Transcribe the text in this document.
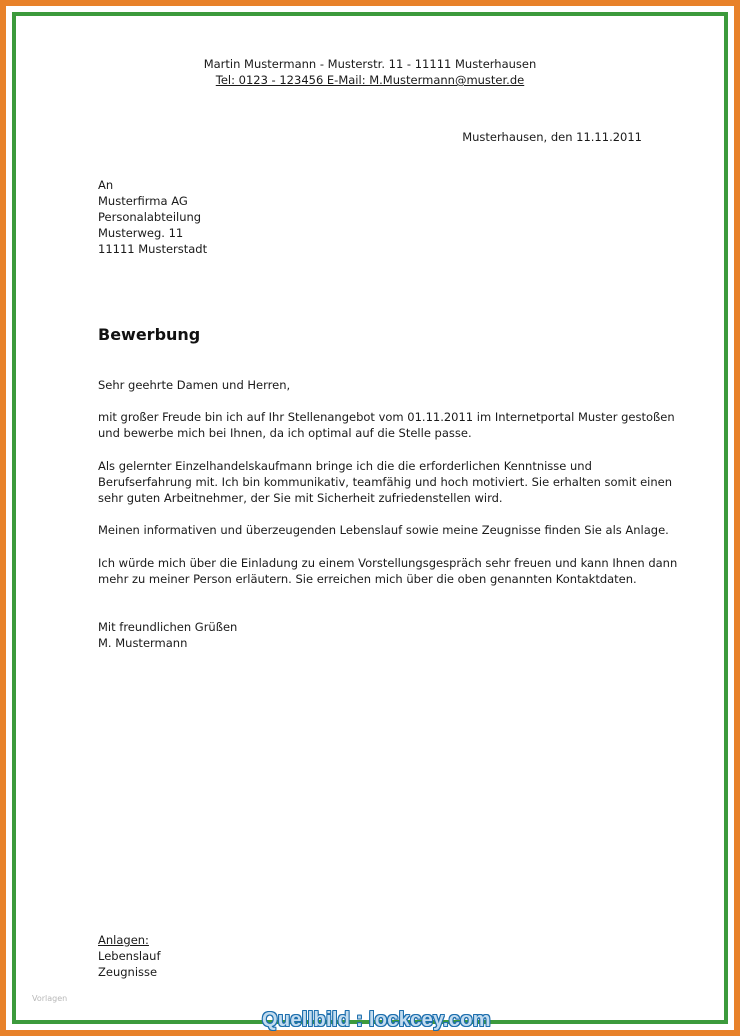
Martin Mustermann - Musterstr. 11 - 11111 Musterhausen
Tel: 0123 - 123456 E-Mail: M.Mustermann@muster.de
Musterhausen, den 11.11.2011
An
Musterfirma AG
Personalabteilung
Musterweg. 11
11111 Musterstadt
Bewerbung
Sehr geehrte Damen und Herren,
mit großer Freude bin ich auf Ihr Stellenangebot vom 01.11.2011 im Internetportal Muster gestoßen
und bewerbe mich bei Ihnen, da ich optimal auf die Stelle passe.
Als gelernter Einzelhandelskaufmann bringe ich die die erforderlichen Kenntnisse und
Berufserfahrung mit. Ich bin kommunikativ, teamfähig und hoch motiviert. Sie erhalten somit einen
sehr guten Arbeitnehmer, der Sie mit Sicherheit zufriedenstellen wird.
Meinen informativen und überzeugenden Lebenslauf sowie meine Zeugnisse finden Sie als Anlage.
Ich würde mich über die Einladung zu einem Vorstellungsgespräch sehr freuen und kann Ihnen dann
mehr zu meiner Person erläutern. Sie erreichen mich über die oben genannten Kontaktdaten.
Mit freundlichen Grüßen
M. Mustermann
Anlagen:
Lebenslauf
Zeugnisse
Vorlagen
Quellbild : lockcey.com
